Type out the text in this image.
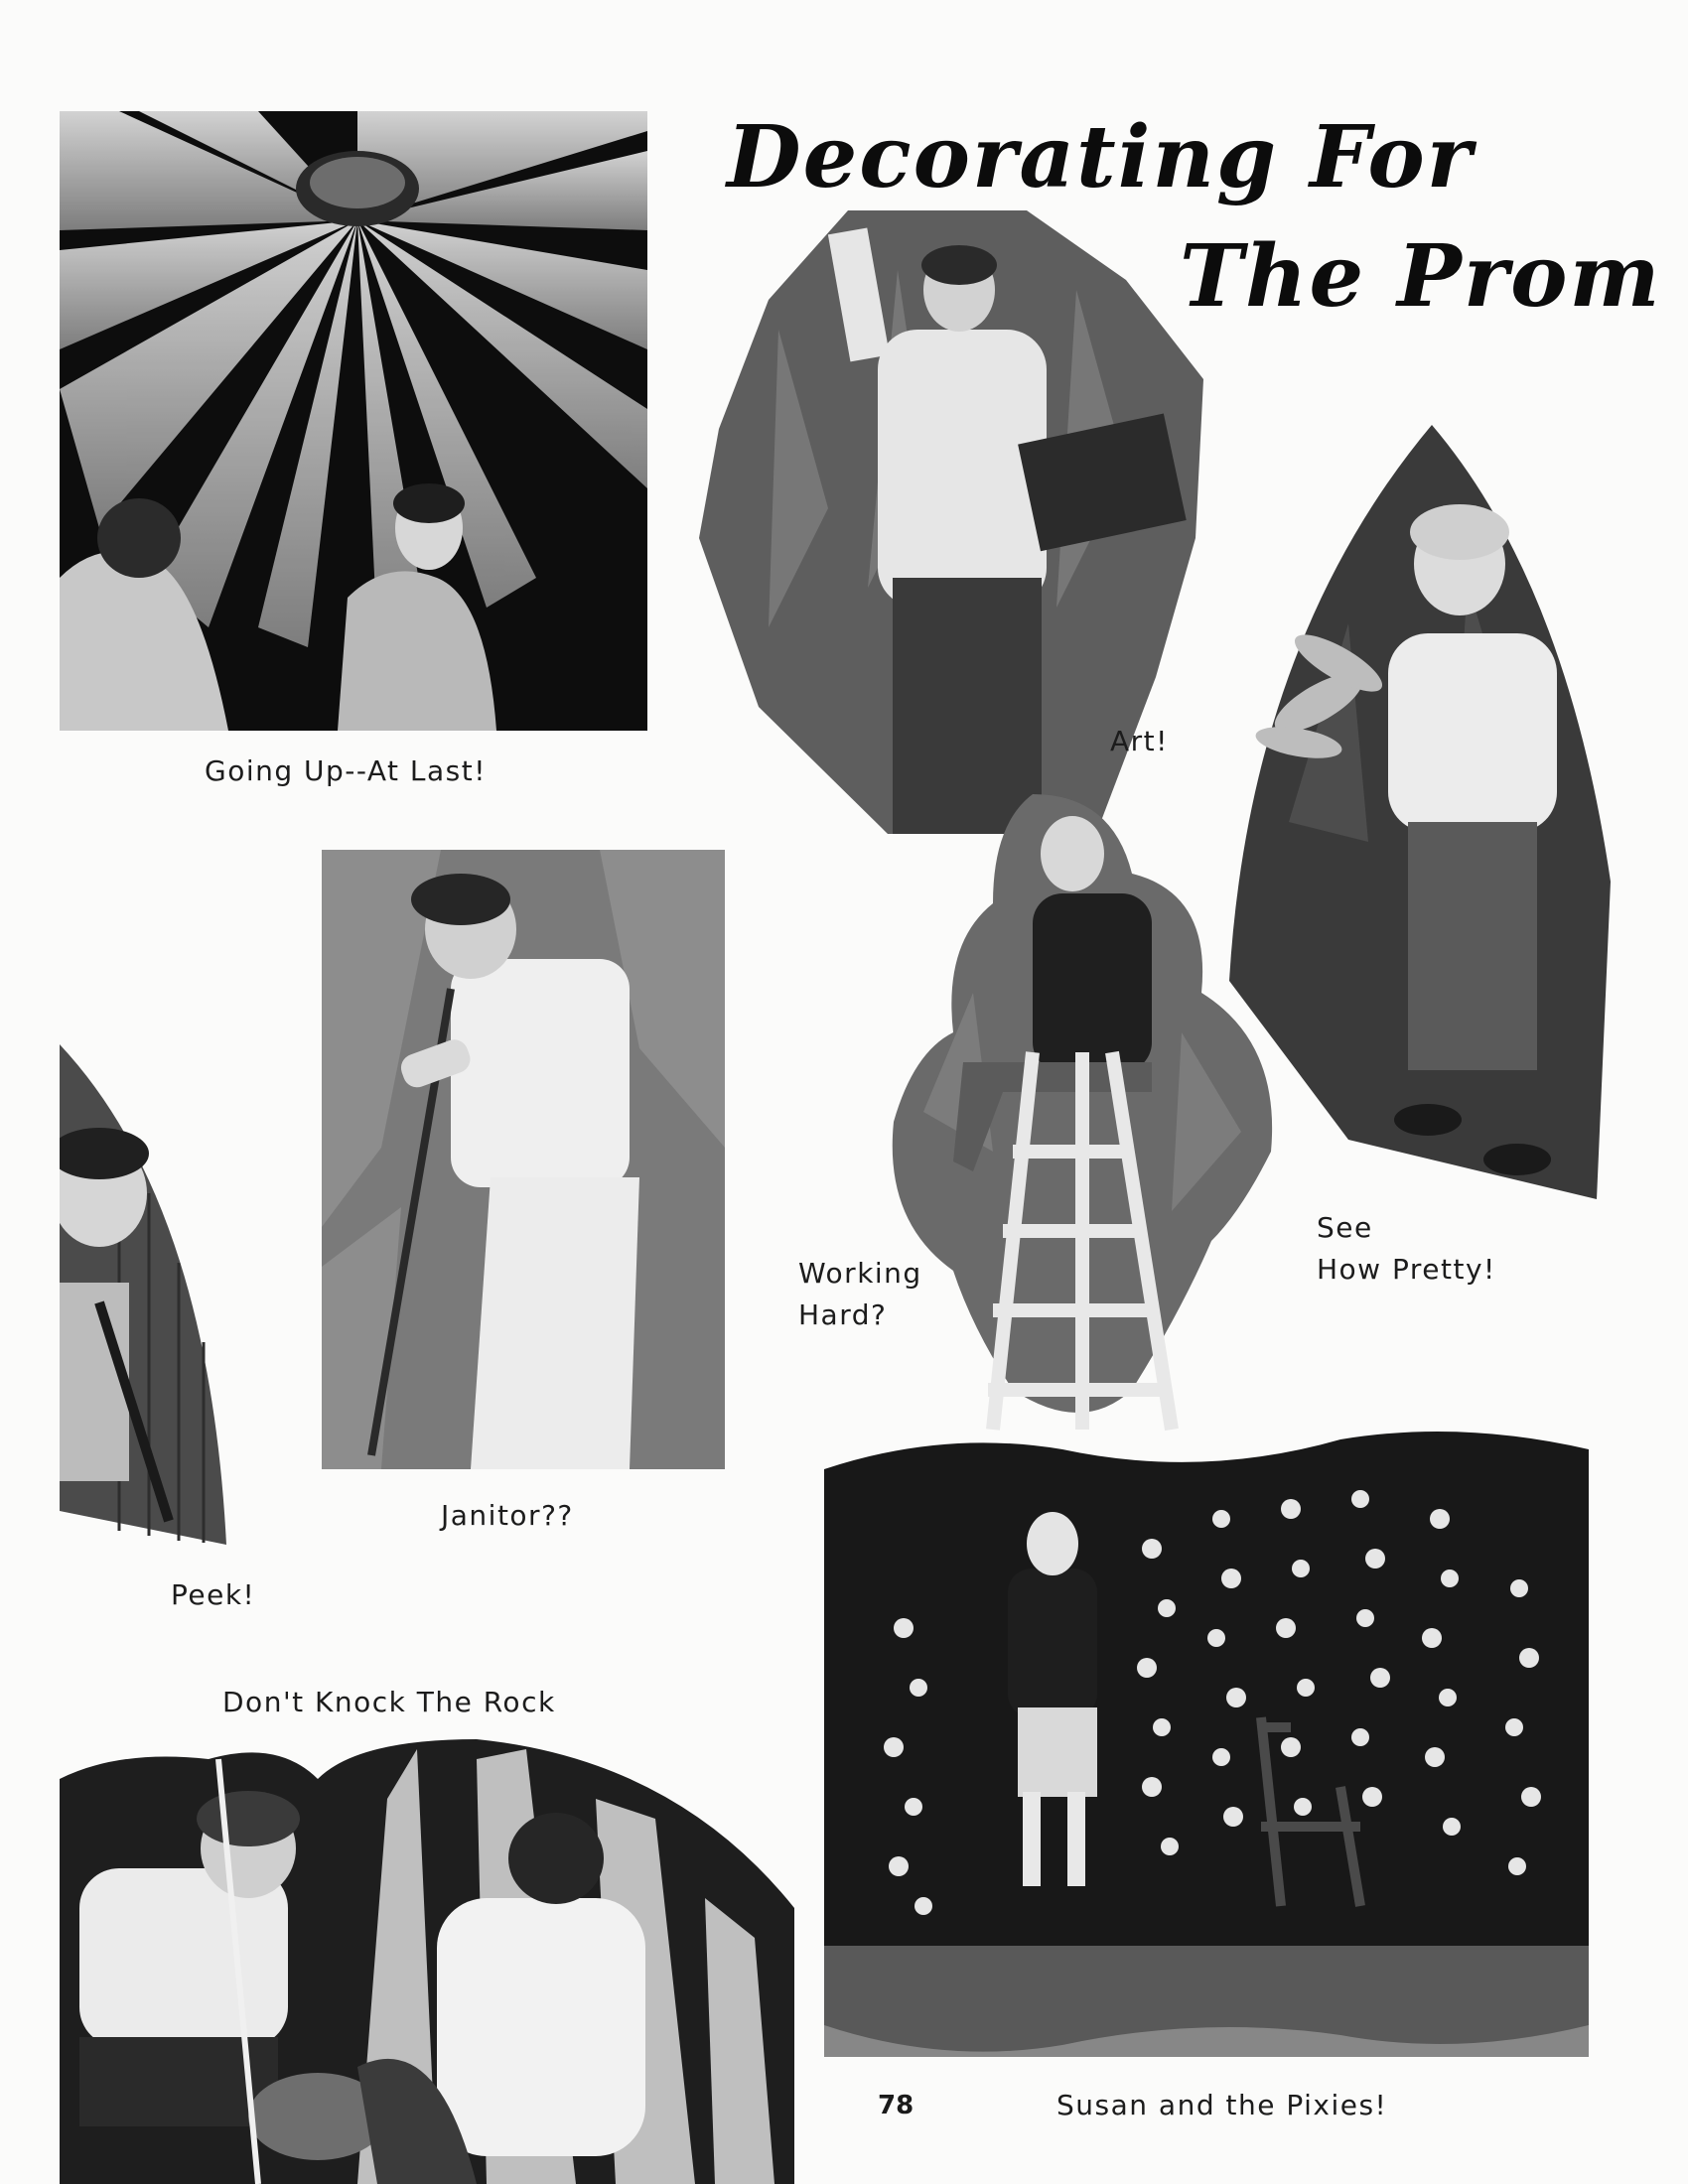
Decorating For
The Prom
Going Up--At Last!
Art!
See
How Pretty!
Working
Hard?
Janitor??
Peek!
Don't Knock The Rock
78	Susan and the Pixies!
